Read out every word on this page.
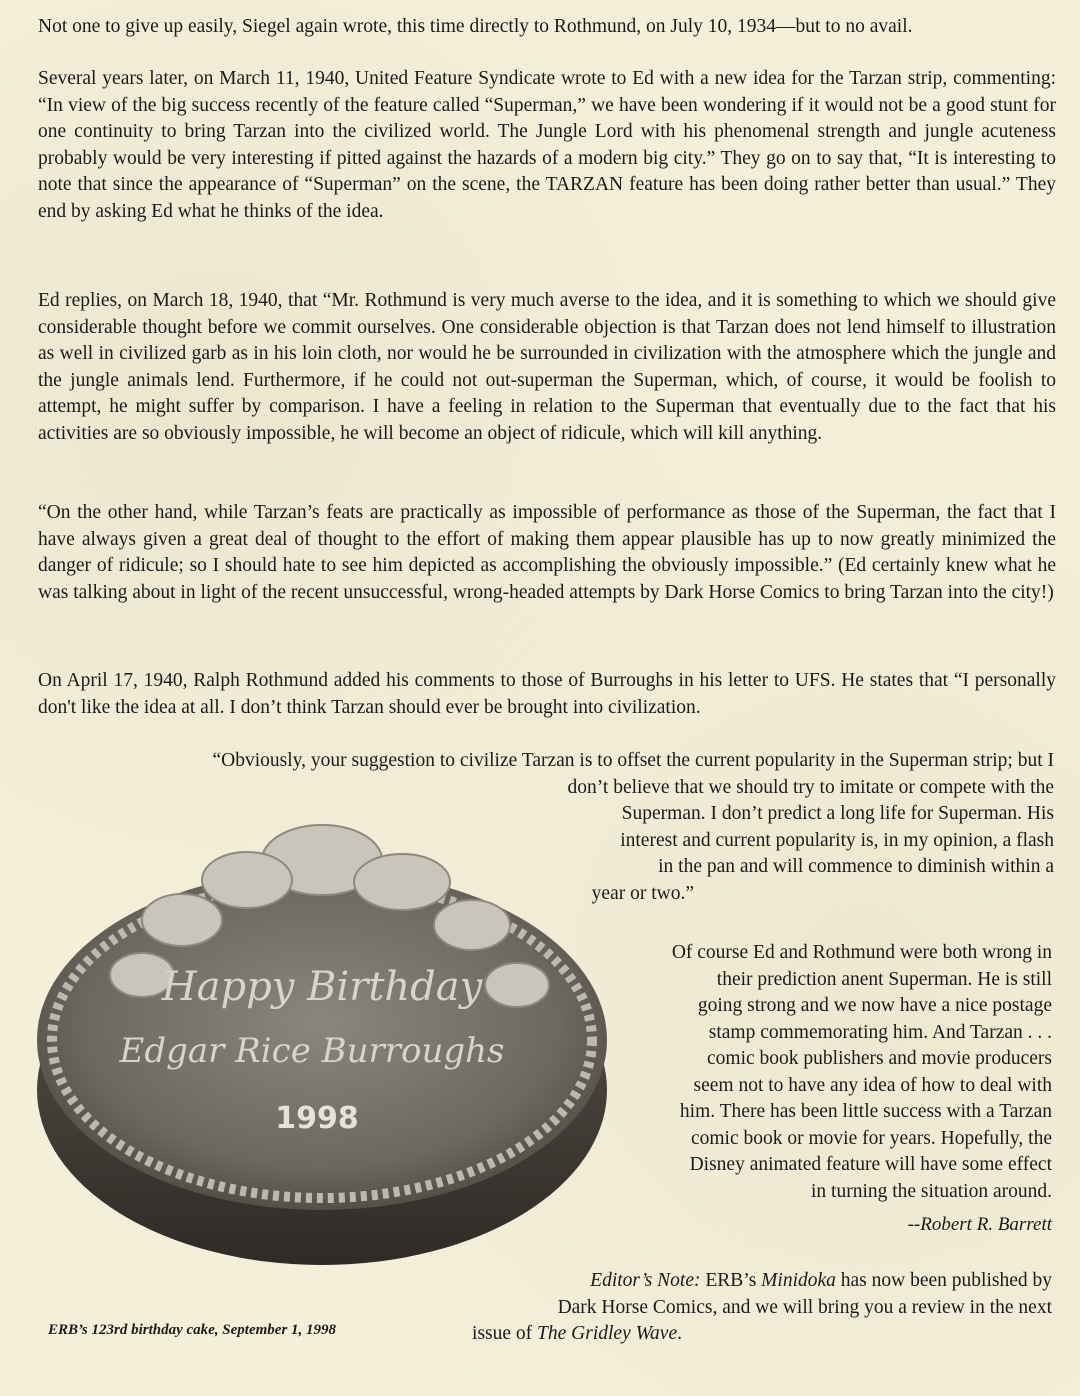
Not one to give up easily, Siegel again wrote, this time directly to Rothmund, on July 10, 1934—but to no avail.

Several years later, on March 11, 1940, United Feature Syndicate wrote to Ed with a new idea for the Tarzan strip, commenting: “In view of the big success recently of the feature called “Superman,” we have been wondering if it would not be a good stunt for one continuity to bring Tarzan into the civilized world. The Jungle Lord with his phenomenal strength and jungle acuteness probably would be very interesting if pitted against the hazards of a modern big city.” They go on to say that, “It is interesting to note that since the appearance of “Superman” on the scene, the TARZAN feature has been doing rather better than usual.” They end by asking Ed what he thinks of the idea.

Ed replies, on March 18, 1940, that “Mr. Rothmund is very much averse to the idea, and it is something to which we should give considerable thought before we commit ourselves. One considerable objection is that Tarzan does not lend himself to illustration as well in civilized garb as in his loin cloth, nor would he be surrounded in civilization with the atmosphere which the jungle and the jungle animals lend. Furthermore, if he could not out-superman the Superman, which, of course, it would be foolish to attempt, he might suffer by comparison. I have a feeling in relation to the Superman that eventually due to the fact that his activities are so obviously impossible, he will become an object of ridicule, which will kill anything.

“On the other hand, while Tarzan’s feats are practically as impossible of performance as those of the Superman, the fact that I have always given a great deal of thought to the effort of making them appear plausible has up to now greatly minimized the danger of ridicule; so I should hate to see him depicted as accomplishing the obviously impossible.” (Ed certainly knew what he was talking about in light of the recent unsuccessful, wrong-headed attempts by Dark Horse Comics to bring Tarzan into the city!)

On April 17, 1940, Ralph Rothmund added his comments to those of Burroughs in his letter to UFS. He states that “I personally don't like the idea at all. I don’t think Tarzan should ever be brought into civilization.

“Obviously, your suggestion to civilize Tarzan is to offset the current popularity in the Superman strip; but I
don’t believe that we should try to imitate or compete with the
Superman. I don’t predict a long life for Superman. His
interest and current popularity is, in my opinion, a flash
in the pan and will commence to diminish within a
year or two.”
Of course Ed and Rothmund were both wrong in
their prediction anent Superman. He is still
going strong and we now have a nice postage
stamp commemorating him. And Tarzan . . .
comic book publishers and movie producers
seem not to have any idea of how to deal with
him. There has been little success with a Tarzan
comic book or movie for years. Hopefully, the
Disney animated feature will have some effect
in turning the situation around.
--Robert R. Barrett
Editor’s Note: ERB’s Minidoka has now been published by
Dark Horse Comics, and we will bring you a review in the next
issue of The Gridley Wave.
Happy Birthday
Edgar Rice Burroughs
1998
ERB’s 123rd birthday cake, September 1, 1998
